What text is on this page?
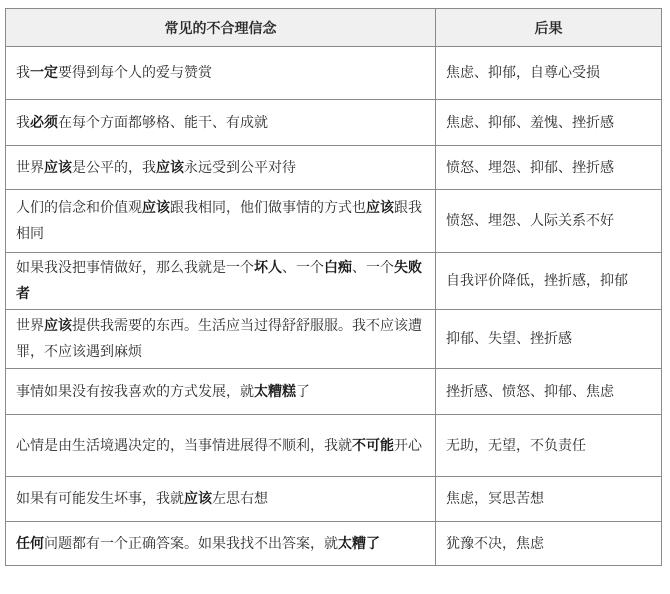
常见的不合理信念	后果
我一定要得到每个人的爱与赞赏	焦虑、抑郁，自尊心受损
我必须在每个方面都够格、能干、有成就	焦虑、抑郁、羞愧、挫折感
世界应该是公平的，我应该永远受到公平对待	愤怒、埋怨、抑郁、挫折感
人们的信念和价值观应该跟我相同，他们做事情的方式也应该跟我相同	愤怒、埋怨、人际关系不好
如果我没把事情做好，那么我就是一个坏人、一个白痴、一个失败者	自我评价降低，挫折感，抑郁
世界应该提供我需要的东西。生活应当过得舒舒服服。我不应该遭罪，不应该遇到麻烦	抑郁、失望、挫折感
事情如果没有按我喜欢的方式发展，就太糟糕了	挫折感、愤怒、抑郁、焦虑
心情是由生活境遇决定的，当事情进展得不顺利，我就不可能开心	无助，无望，不负责任
如果有可能发生坏事，我就应该左思右想	焦虑，冥思苦想
任何问题都有一个正确答案。如果我找不出答案，就太糟了	犹豫不决，焦虑
